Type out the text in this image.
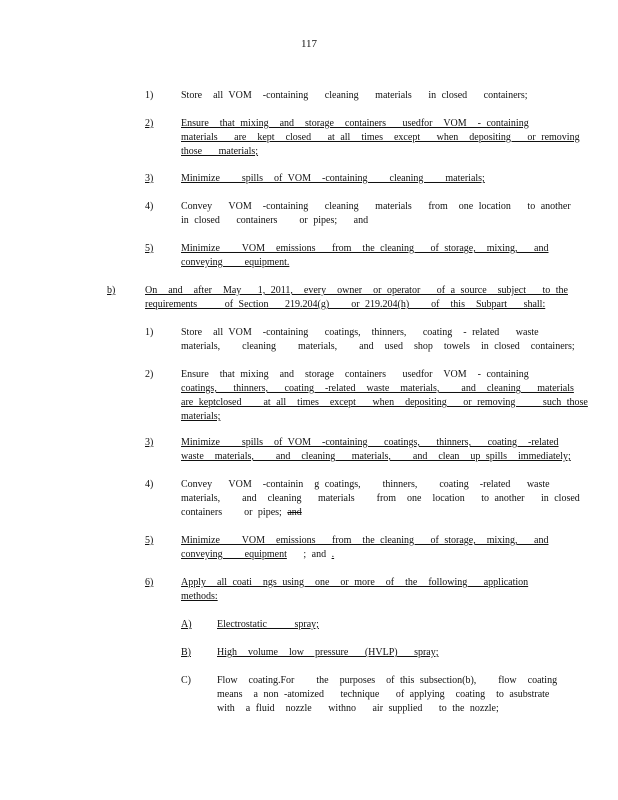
117
1)	Store  all VOM  -containing   cleaning   materials   in closed   containers;
2)	Ensure  that mixing  and  storage  containers   usedfor  VOM  - containing
materials   are  kept  closed   at all  times  except   when  depositing   or removing
those   materials;
3)	Minimize    spills  of VOM  -containing    cleaning    materials;
4)	Convey   VOM  -containing   cleaning   materials   from  one location   to another
in closed   containers    or pipes;   and
5)	Minimize    VOM  emissions   from  the cleaning   of storage,  mixing,   and
conveying    equipment.
b)	On  and  after  May   1, 2011,  every  owner  or operator   of a source  subject   to the
requirements     of Section   219.204(g)    or 219.204(h)    of  this  Subpart   shall:
1)	Store  all VOM  -containing   coatings,  thinners,   coating  - related   waste
materials,    cleaning    materials,    and  used  shop  towels  in closed  containers;
2)	Ensure  that mixing  and  storage  containers   usedfor  VOM  - containing
coatings,   thinners,   coating  -related  waste  materials,    and  cleaning   materials
are keptclosed    at all  times  except   when  depositing   or removing     such those
materials;
3)	Minimize    spills  of VOM  -containing   coatings,   thinners,   coating  -related
waste  materials,    and  cleaning   materials,    and  clean  up spills  immediately;
4)	Convey   VOM  -containin  g coatings,    thinners,    coating  -related   waste
materials,    and  cleaning   materials    from  one  location   to another   in closed
containers    or pipes; and
5)	Minimize    VOM  emissions   from  the cleaning   of storage,  mixing,   and
conveying    equipment   ; and .
6)	Apply  all coati  ngs using  one  or more  of  the  following   application
methods:
A)	Electrostatic     spray;
B)	High  volume  low  pressure   (HVLP)   spray;
C)	Flow  coating.For    the  purposes  of this subsection(b),    flow  coating
means  a non -atomized   technique   of applying  coating  to asubstrate
with  a fluid  nozzle   withno   air supplied   to the nozzle;
